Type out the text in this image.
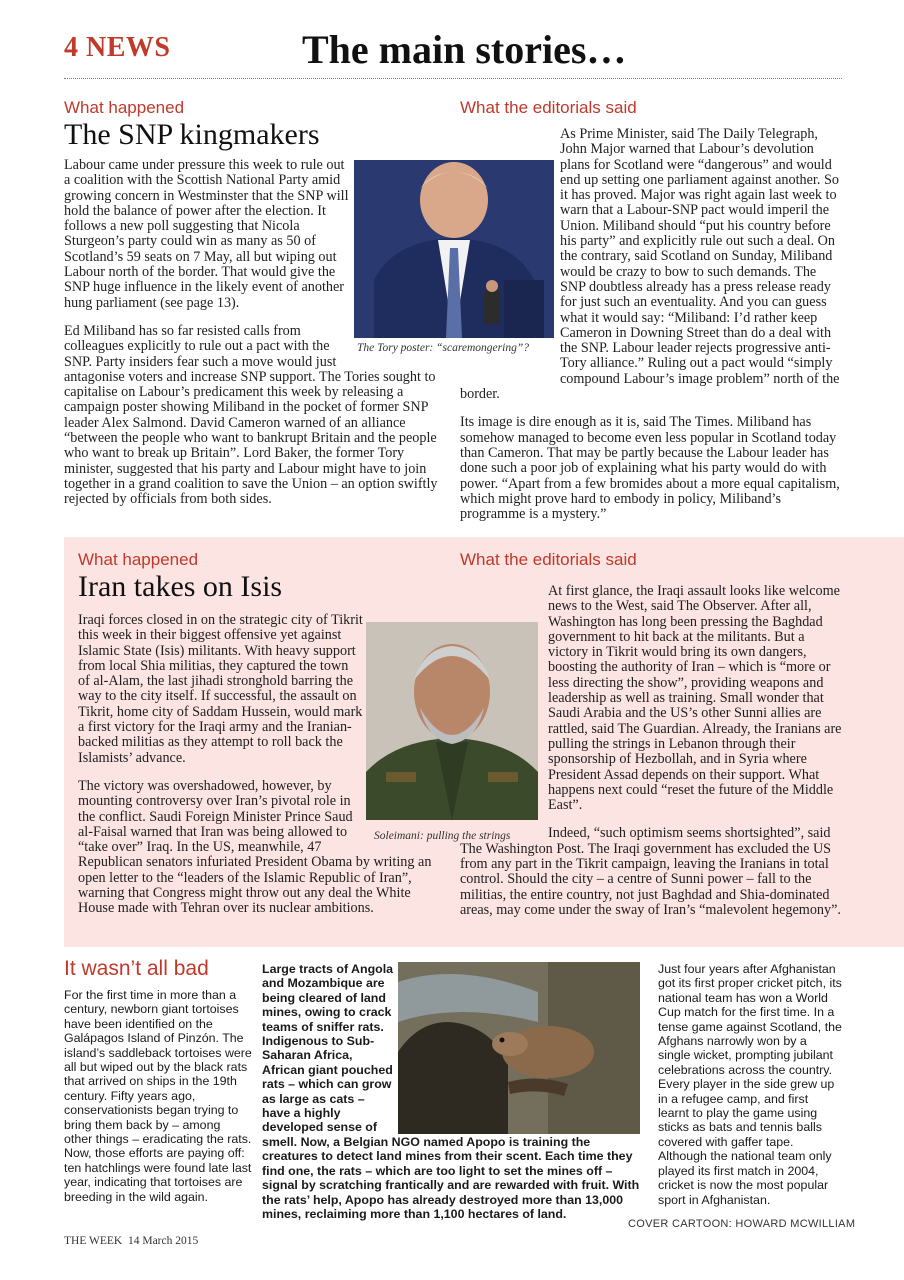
4 NEWS	The main stories…
What happened
The SNP kingmakers

Labour came under pressure this week to rule out a coalition with the Scottish National Party amid growing concern in Westminster that the SNP will hold the balance of power after the election. It follows a new poll suggesting that Nicola Sturgeon’s party could win as many as 50 of Scotland’s 59 seats on 7 May, all but wiping out Labour north of the border. That would give the SNP huge influence in the likely event of another hung parliament (see page 13).

Ed Miliband has so far resisted calls from colleagues explicitly to rule out a pact with the SNP. Party insiders fear such a move would just antagonise voters and increase SNP support. The Tories sought to capitalise on Labour’s predicament this week by releasing a campaign poster showing Miliband in the pocket of former SNP leader Alex Salmond. David Cameron warned of an alliance “between the people who want to bankrupt Britain and the people who want to break up Britain”. Lord Baker, the former Tory minister, suggested that his party and Labour might have to join together in a grand coalition to save the Union – an option swiftly rejected by officials from both sides.

The Tory poster: “scaremongering”?
What the editorials said

As Prime Minister, said The Daily Telegraph, John Major warned that Labour’s devolution plans for Scotland were “dangerous” and would end up setting one parliament against another. So it has proved. Major was right again last week to warn that a Labour-SNP pact would imperil the Union. Miliband should “put his country before his party” and explicitly rule out such a deal. On the contrary, said Scotland on Sunday, Miliband would be crazy to bow to such demands. The SNP doubtless already has a press release ready for just such an eventuality. And you can guess what it would say: “Miliband: I’d rather keep Cameron in Downing Street than do a deal with the SNP. Labour leader rejects progressive anti-Tory alliance.” Ruling out a pact would “simply compound Labour’s image problem” north of the border.

Its image is dire enough as it is, said The Times. Miliband has somehow managed to become even less popular in Scotland today than Cameron. That may be partly because the Labour leader has done such a poor job of explaining what his party would do with power. “Apart from a few bromides about a more equal capitalism, which might prove hard to embody in policy, Miliband’s programme is a mystery.”

What happened
Iran takes on Isis

Iraqi forces closed in on the strategic city of Tikrit this week in their biggest offensive yet against Islamic State (Isis) militants. With heavy support from local Shia militias, they captured the town of al-Alam, the last jihadi stronghold barring the way to the city itself. If successful, the assault on Tikrit, home city of Saddam Hussein, would mark a first victory for the Iraqi army and the Iranian-backed militias as they attempt to roll back the Islamists’ advance.

The victory was overshadowed, however, by mounting controversy over Iran’s pivotal role in the conflict. Saudi Foreign Minister Prince Saud al-Faisal warned that Iran was being allowed to “take over” Iraq. In the US, meanwhile, 47 Republican senators infuriated President Obama by writing an open letter to the “leaders of the Islamic Republic of Iran”, warning that Congress might throw out any deal the White House made with Tehran over its nuclear ambitions.

Soleimani: pulling the strings
What the editorials said

At first glance, the Iraqi assault looks like welcome news to the West, said The Observer. After all, Washington has long been pressing the Baghdad government to hit back at the militants. But a victory in Tikrit would bring its own dangers, boosting the authority of Iran – which is “more or less directing the show”, providing weapons and leadership as well as training. Small wonder that Saudi Arabia and the US’s other Sunni allies are rattled, said The Guardian. Already, the Iranians are pulling the strings in Lebanon through their sponsorship of Hezbollah, and in Syria where President Assad depends on their support. What happens next could “reset the future of the Middle East”.

Indeed, “such optimism seems shortsighted”, said The Washington Post. The Iraqi government has excluded the US from any part in the Tikrit campaign, leaving the Iranians in total control. Should the city – a centre of Sunni power – fall to the militias, the entire country, not just Baghdad and Shia-dominated areas, may come under the sway of Iran’s “malevolent hegemony”.

It wasn’t all bad
For the first time in more than a century, newborn giant tortoises have been identified on the Galápagos Island of Pinzón. The island’s saddleback tortoises were all but wiped out by the black rats that arrived on ships in the 19th century. Fifty years ago, conservationists began trying to bring them back by – among other things – eradicating the rats. Now, those efforts are paying off: ten hatchlings were found late last year, indicating that tortoises are breeding in the wild again.
Large tracts of Angola and Mozambique are being cleared of land mines, owing to crack teams of sniffer rats. Indigenous to Sub-Saharan Africa, African giant pouched rats – which can grow as large as cats – have a highly developed sense of smell. Now, a Belgian NGO named Apopo is training the creatures to detect land mines from their scent. Each time they find one, the rats – which are too light to set the mines off – signal by scratching frantically and are rewarded with fruit. With the rats’ help, Apopo has already destroyed more than 13,000 mines, reclaiming more than 1,100 hectares of land.
Just four years after Afghanistan got its first proper cricket pitch, its national team has won a World Cup match for the first time. In a tense game against Scotland, the Afghans narrowly won by a single wicket, prompting jubilant celebrations across the country. Every player in the side grew up in a refugee camp, and first learnt to play the game using sticks as bats and tennis balls covered with gaffer tape. Although the national team only played its first match in 2004, cricket is now the most popular sport in Afghanistan.
COVER CARTOON: HOWARD MCWILLIAM
THE WEEK  14 March 2015
